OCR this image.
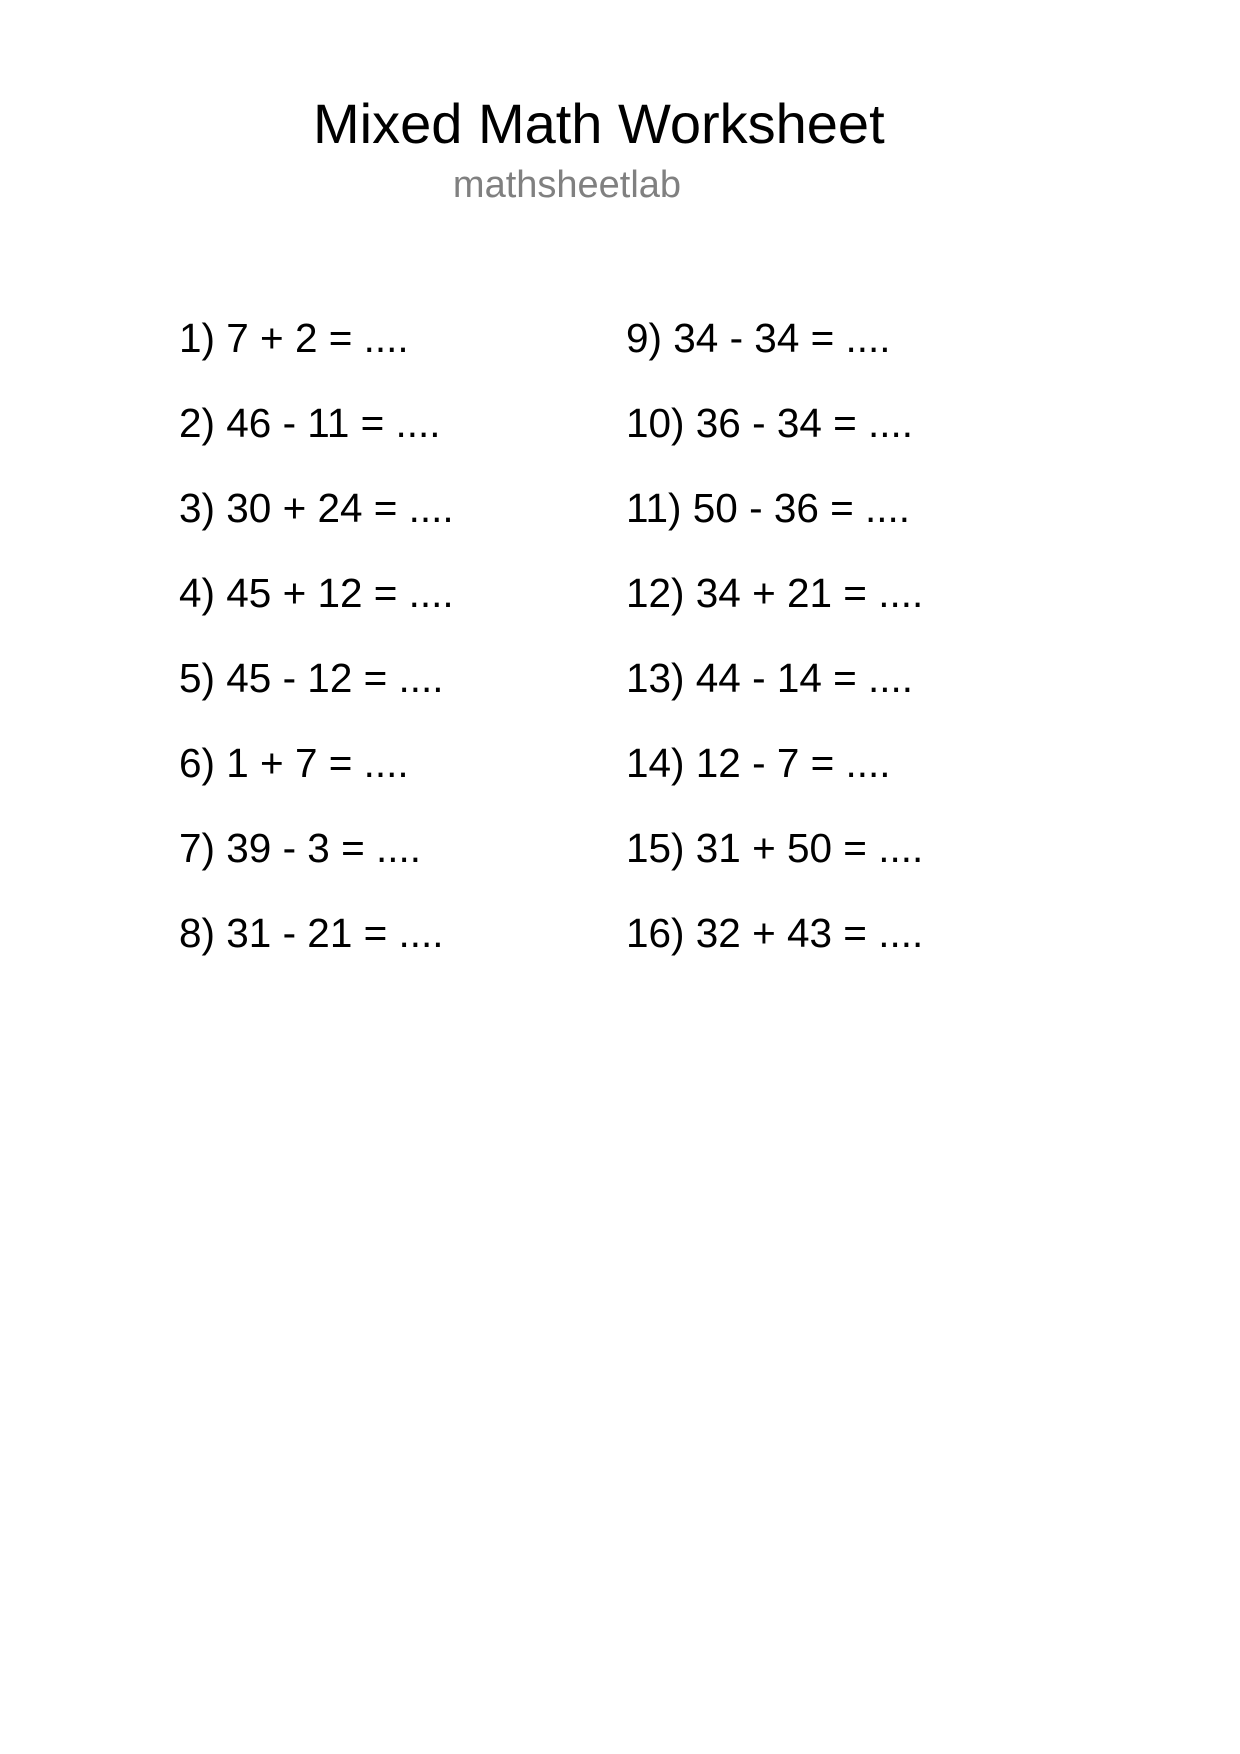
Mixed Math Worksheet
mathsheetlab
1) 7 + 2 = ....
2) 46 - 11 = ....
3) 30 + 24 = ....
4) 45 + 12 = ....
5) 45 - 12 = ....
6) 1 + 7 = ....
7) 39 - 3 = ....
8) 31 - 21 = ....
9) 34 - 34 = ....
10) 36 - 34 = ....
11) 50 - 36 = ....
12) 34 + 21 = ....
13) 44 - 14 = ....
14) 12 - 7 = ....
15) 31 + 50 = ....
16) 32 + 43 = ....
